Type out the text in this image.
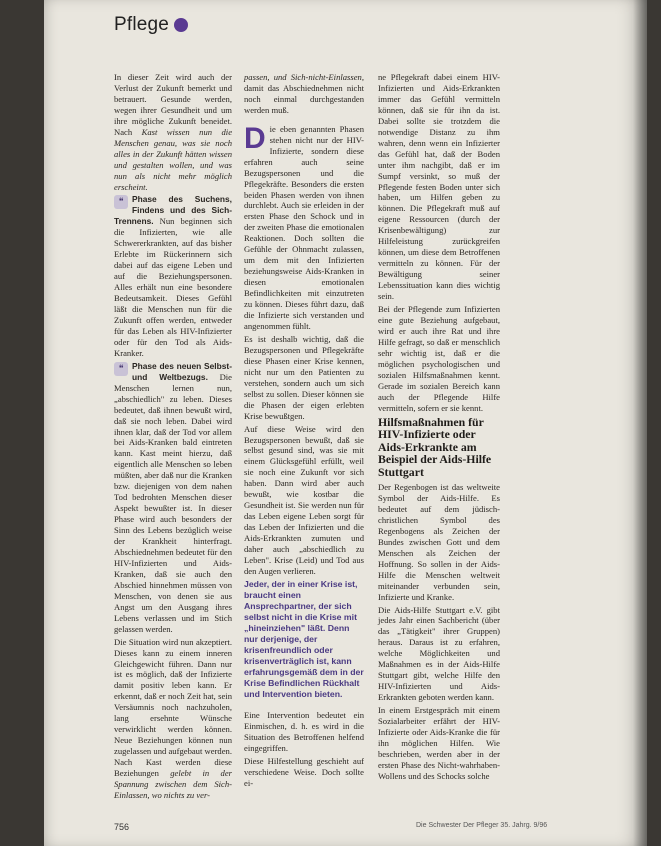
Pflege

In dieser Zeit wird auch der Verlust der Zukunft bemerkt und betrauert. Gesunde werden, wegen ihrer Gesundheit und um ihre mögliche Zukunft beneidet. Nach Kast wissen nun die Menschen genau, was sie noch alles in der Zukunft hätten wissen und gestalten wollen, und was nun als nicht mehr möglich erscheint.

❝	Phase des Suchens, Findens und des Sich-Trennens. Nun beginnen sich die Infizierten, wie alle Schwererkrankten, auf das bisher Erlebte im Rückerinnern sich dabei auf das eigene Leben und auf die Beziehungspersonen. Alles erhält nun eine besondere Bedeutsamkeit. Dieses Gefühl läßt die Menschen nun für die Zukunft offen werden, entweder für das Leben als HIV-Infizierter oder für den Tod als Aids-Kranker.

❝	Phase des neuen Selbst- und Weltbezugs. Die Menschen lernen nun, „abschiedlich" zu leben. Dieses bedeutet, daß ihnen bewußt wird, daß sie noch leben. Dabei wird ihnen klar, daß der Tod vor allem bei Aids-Kranken bald eintreten kann. Kast meint hierzu, daß eigentlich alle Menschen so leben müßten, aber daß nur die Kranken bzw. diejenigen von dem nahen Tod bedrohten Menschen dieser Aspekt bewußter ist. In dieser Phase wird auch besonders der Sinn des Lebens bezüglich weise der Krankheit hinterfragt. Abschiednehmen bedeutet für den HIV-Infizierten und Aids-Kranken, daß sie auch den Abschied hinnehmen müssen von Menschen, von denen sie aus Angst um den Ausgang ihres Lebens verlassen und im Stich gelassen werden.

Die Situation wird nun akzeptiert. Dieses kann zu einem inneren Gleichgewicht führen. Dann nur ist es möglich, daß der Infizierte damit positiv leben kann. Er erkennt, daß er noch Zeit hat, sein Versäumnis noch nachzuholen, lang ersehnte Wünsche verwirklicht werden können. Neue Beziehungen können nun zugelassen und aufgebaut werden. Nach Kast werden diese Beziehungen gelebt in der Spannung zwischen dem Sich-Einlassen, wo nichts zu ver-

passen, und Sich-nicht-Einlassen, damit das Abschiednehmen nicht noch einmal durchgestanden werden muß.

Die eben genannten Phasen stehen nicht nur der HIV-Infizierte, sondern diese erfahren auch seine Bezugspersonen und die Pflegekräfte. Besonders die ersten beiden Phasen werden von ihnen durchlebt. Auch sie erleiden in der ersten Phase den Schock und in der zweiten Phase die emotionalen Reaktionen. Doch sollten die Gefühle der Ohnmacht zulassen, um dem mit den Infizierten beziehungsweise Aids-Kranken in diesen emotionalen Befindlichkeiten mit einzutreten zu können. Dieses führt dazu, daß die Infizierte sich verstanden und angenommen fühlt.

Es ist deshalb wichtig, daß die Bezugspersonen und Pflegekräfte diese Phasen einer Krise kennen, nicht nur um den Patienten zu verstehen, sondern auch um sich selbst zu sollen. Dieser können sie die Phasen der eigen erlebten Krise bewußtgen.

Auf diese Weise wird den Bezugspersonen bewußt, daß sie selbst gesund sind, was sie mit einem Glücksgefühl erfüllt, weil sie noch eine Zukunft vor sich haben. Dann wird aber auch bewußt, wie kostbar die Gesundheit ist. Sie werden nun für das Leben eigene Leben sorgt für das Leben der Infizierten und die Aids-Erkrankten zumuten und daher auch „abschiedlich zu Leben". Krise (Leid) und Tod aus den Augen verlieren.

Jeder, der in einer Krise ist, braucht einen Ansprechpartner, der sich selbst nicht in die Krise mit „hineinziehen" läßt. Denn nur derjenige, der krisenfreundlich oder krisenverträglich ist, kann erfahrungsgemäß dem in der Krise Befindlichen Rückhalt und Intervention bieten.

Eine Intervention bedeutet ein Einmischen, d. h. es wird in die Situation des Betroffenen helfend eingegriffen.

Diese Hilfestellung geschieht auf verschiedene Weise. Doch sollte ei-

ne Pflegekraft dabei einem HIV-Infizierten und Aids-Erkrankten immer das Gefühl vermitteln können, daß sie für ihn da ist. Dabei sollte sie trotzdem die notwendige Distanz zu ihm wahren, denn wenn ein Infizierter das Gefühl hat, daß der Boden unter ihm nachgibt, daß er im Sumpf versinkt, so muß der Pflegende festen Boden unter sich haben, um Hilfen geben zu können. Die Pflegekraft muß auf eigene Ressourcen (durch der Krisenbewältigung) zur Hilfeleistung zurückgreifen können, um diese dem Betroffenen vermitteln zu können. Für der Bewältigung seiner Lebenssituation kann dies wichtig sein.

Bei der Pflegende zum Infizierten eine gute Beziehung aufgebaut, wird er auch ihre Rat und ihre Hilfe gefragt, so daß er menschlich sehr wichtig ist, daß er die möglichen psychologischen und sozialen Hilfsmaßnahmen kennt. Gerade im sozialen Bereich kann auch der Pflegende Hilfe vermitteln, sofern er sie kennt.

Hilfsmaßnahmen für HIV-Infizierte oder Aids-Erkrankte am Beispiel der Aids-Hilfe Stuttgart

Der Regenbogen ist das weltweite Symbol der Aids-Hilfe. Es bedeutet auf dem jüdisch-christlichen Symbol des Regenbogens als Zeichen der Bundes zwischen Gott und dem Menschen als Zeichen der Hoffnung. So sollen in der Aids-Hilfe die Menschen weltweit miteinander verbunden sein, Infizierte und Kranke.

Die Aids-Hilfe Stuttgart e.V. gibt jedes Jahr einen Sachbericht (über das „Tätigkeit" ihrer Gruppen) heraus. Daraus ist zu erfahren, welche Möglichkeiten und Maßnahmen es in der Aids-Hilfe Stuttgart gibt, welche Hilfe den HIV-Infizierten und Aids-Erkrankten geboten werden kann.

In einem Erstgespräch mit einem Sozialarbeiter erfährt der HIV-Infizierte oder Aids-Kranke die für ihn möglichen Hilfen. Wie beschrieben, werden aber in der ersten Phase des Nicht-wahrhaben-Wollens und des Schocks solche

756	Die Schwester Der Pfleger 35. Jahrg. 9/96
